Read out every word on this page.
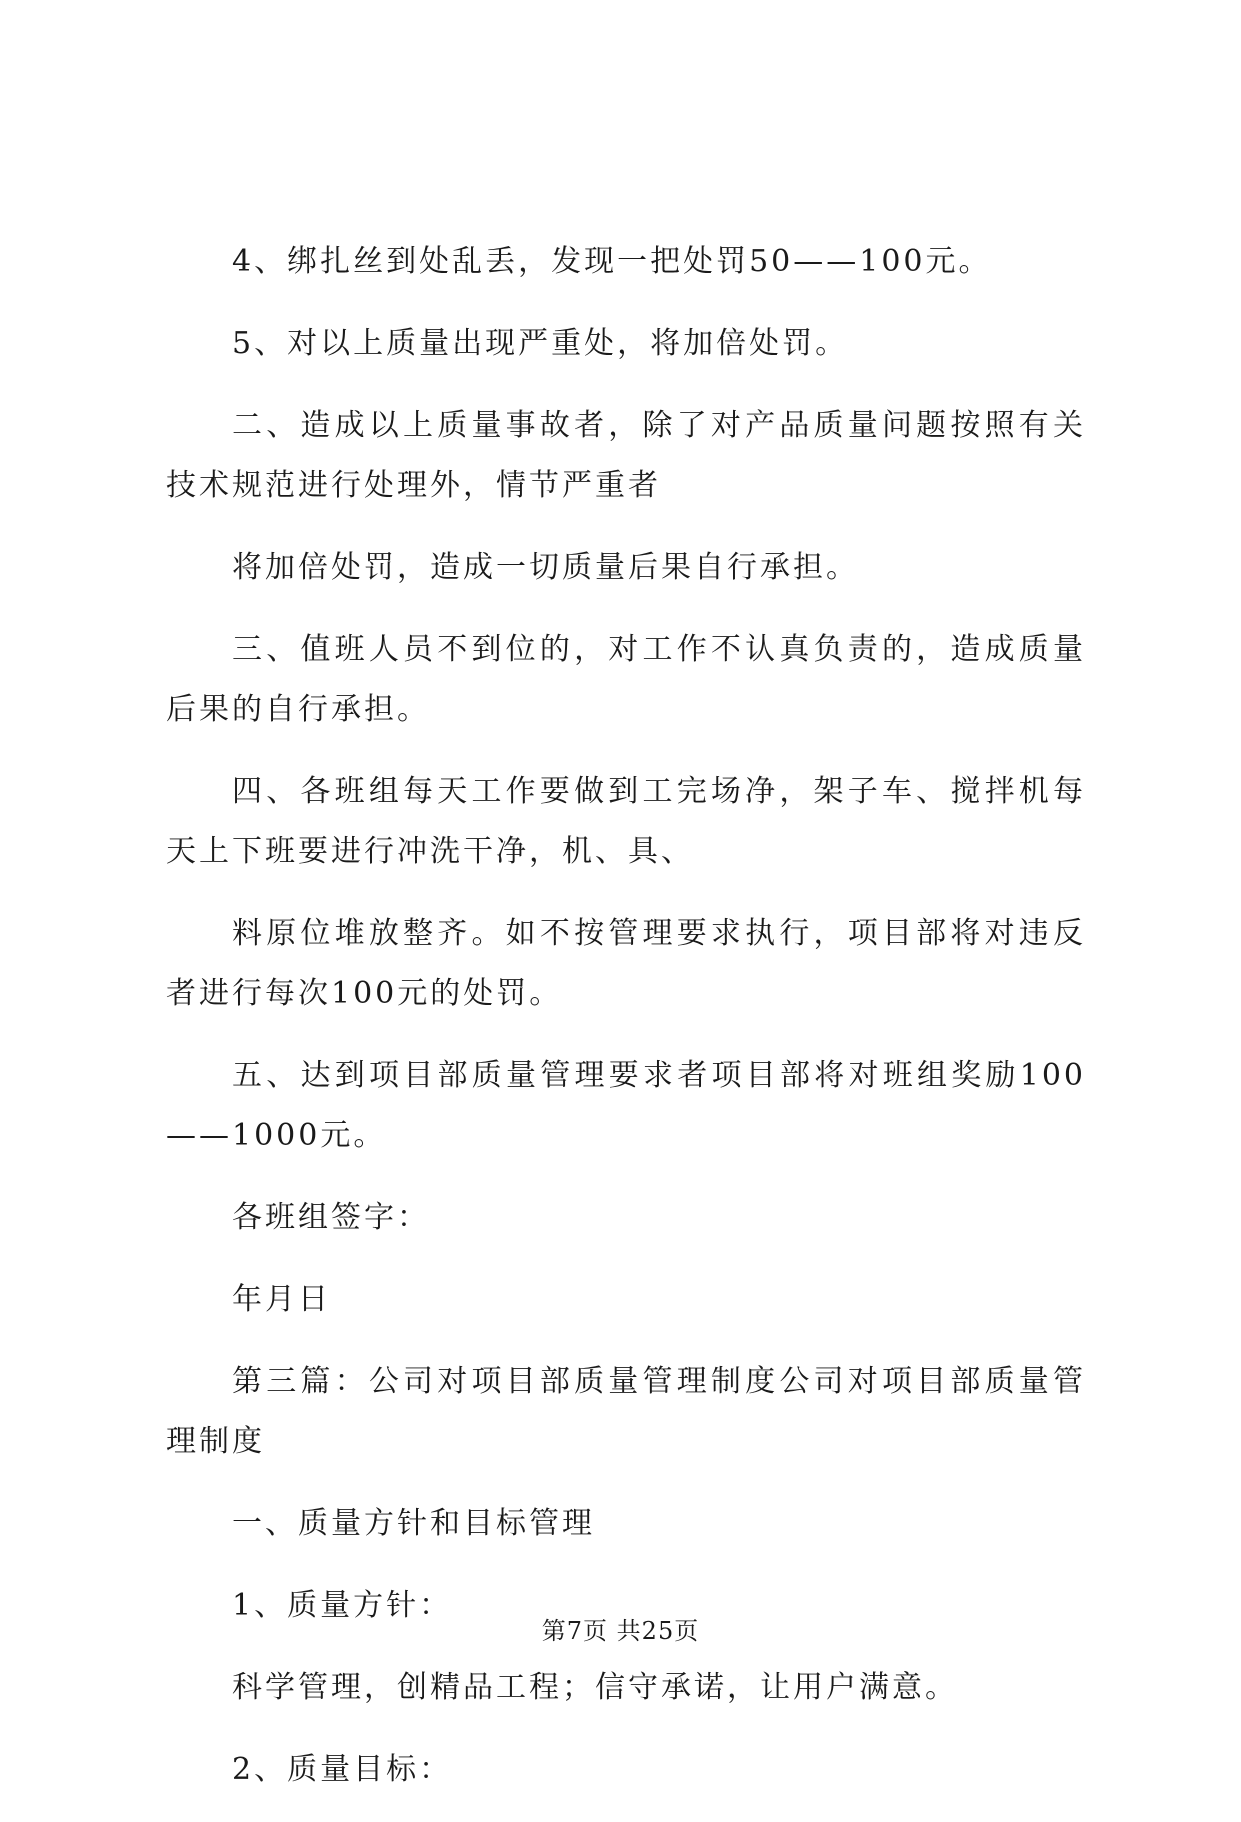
4、绑扎丝到处乱丢，发现一把处罚50——100元。

5、对以上质量出现严重处，将加倍处罚。

二、造成以上质量事故者，除了对产品质量问题按照有关技术规范进行处理外，情节严重者

将加倍处罚，造成一切质量后果自行承担。

三、值班人员不到位的，对工作不认真负责的，造成质量后果的自行承担。

四、各班组每天工作要做到工完场净，架子车、搅拌机每天上下班要进行冲洗干净，机、具、

料原位堆放整齐。如不按管理要求执行，项目部将对违反者进行每次100元的处罚。

五、达到项目部质量管理要求者项目部将对班组奖励100——1000元。

各班组签字：

年月日

第三篇：公司对项目部质量管理制度公司对项目部质量管理制度

一、质量方针和目标管理

1、质量方针：

科学管理，创精品工程；信守承诺，让用户满意。

2、质量目标：

第7页 共25页
